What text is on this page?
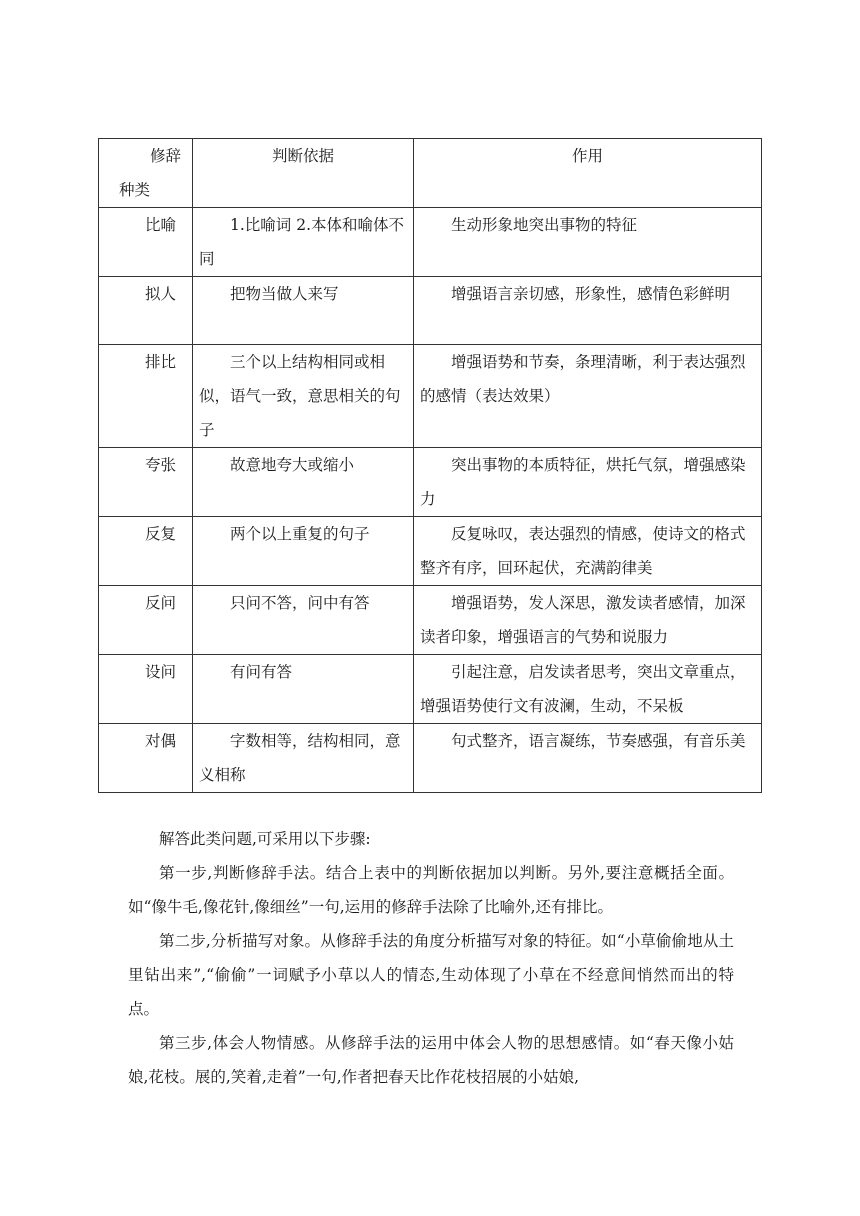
修辞种类	判断依据	作用
比喻	1.比喻词 2.本体和喻体不同	生动形象地突出事物的特征
拟人	把物当做人来写	增强语言亲切感，形象性，感情色彩鲜明
排比	三个以上结构相同或相似，语气一致，意思相关的句子	增强语势和节奏，条理清晰，利于表达强烈的感情（表达效果）
夸张	故意地夸大或缩小	突出事物的本质特征，烘托气氛，增强感染力
反复	两个以上重复的句子	反复咏叹，表达强烈的情感，使诗文的格式整齐有序，回环起伏，充满韵律美
反问	只问不答，问中有答	增强语势，发人深思，激发读者感情，加深读者印象，增强语言的气势和说服力
设问	有问有答	引起注意，启发读者思考，突出文章重点，增强语势使行文有波澜，生动，不呆板
对偶	字数相等，结构相同，意义相称	句式整齐，语言凝练，节奏感强，有音乐美

解答此类问题,可采用以下步骤:

第一步,判断修辞手法。结合上表中的判断依据加以判断。另外,要注意概括全面。如“像牛毛,像花针,像细丝”一句,运用的修辞手法除了比喻外,还有排比。

第二步,分析描写对象。从修辞手法的角度分析描写对象的特征。如“小草偷偷地从土里钻出来”,“偷偷”一词赋予小草以人的情态,生动体现了小草在不经意间悄然而出的特点。

第三步,体会人物情感。从修辞手法的运用中体会人物的思想感情。如“春天像小姑娘,花枝。展的,笑着,走着”一句,作者把春天比作花枝招展的小姑娘,
